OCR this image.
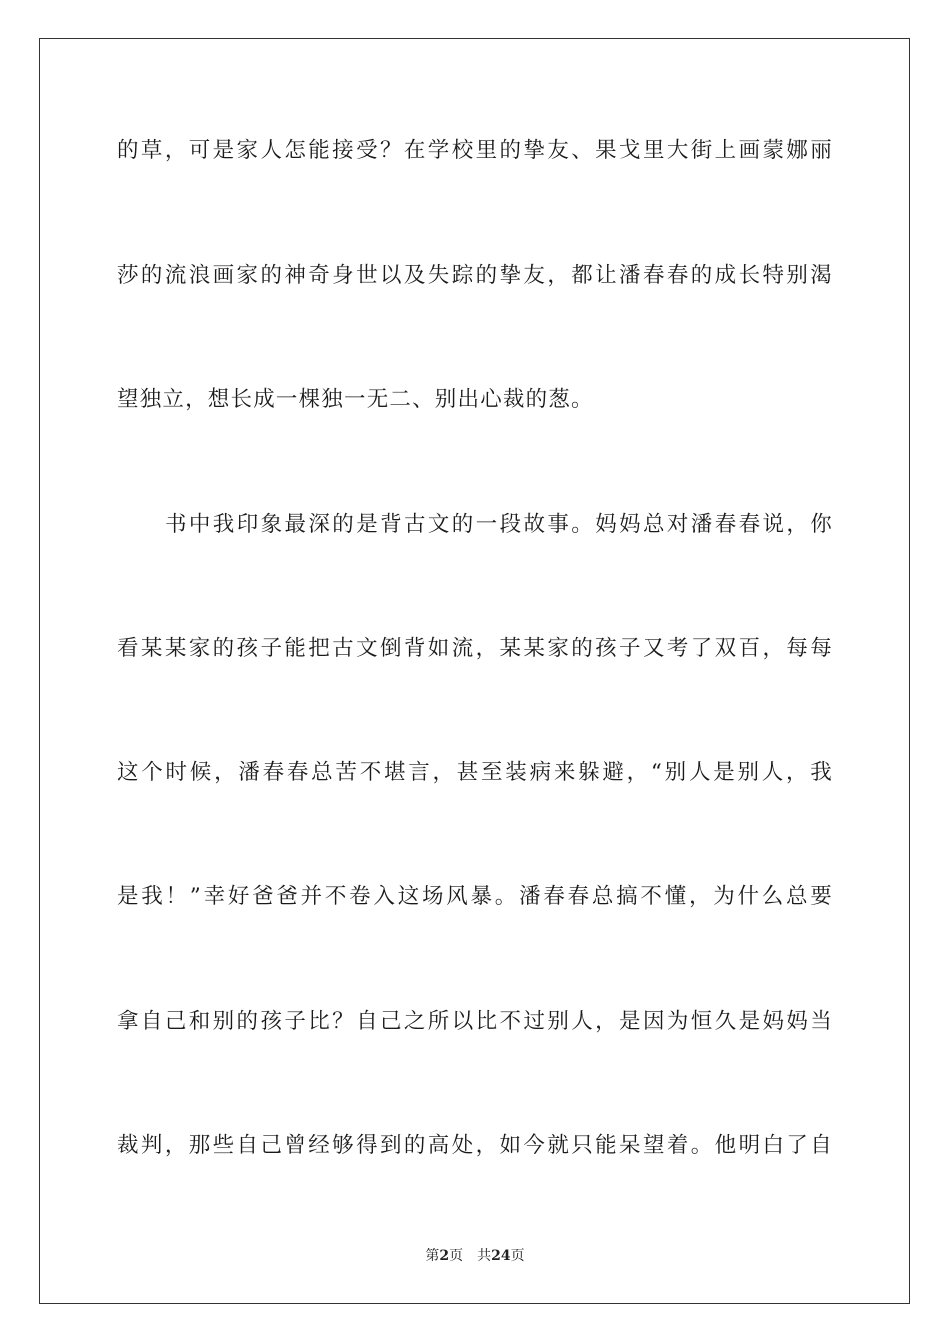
的草，可是家人怎能接受？在学校里的挚友、果戈里大街上画蒙娜丽
莎的流浪画家的神奇身世以及失踪的挚友，都让潘春春的成长特别渴
望独立，想长成一棵独一无二、别出心裁的葱。
书中我印象最深的是背古文的一段故事。妈妈总对潘春春说，你
看某某家的孩子能把古文倒背如流，某某家的孩子又考了双百，每每
这个时候，潘春春总苦不堪言，甚至装病来躲避，“别人是别人，我
是我！”幸好爸爸并不卷入这场风暴。潘春春总搞不懂，为什么总要
拿自己和别的孩子比？自己之所以比不过别人，是因为恒久是妈妈当
裁判，那些自己曾经够得到的高处，如今就只能呆望着。他明白了自
第2页 共24页
